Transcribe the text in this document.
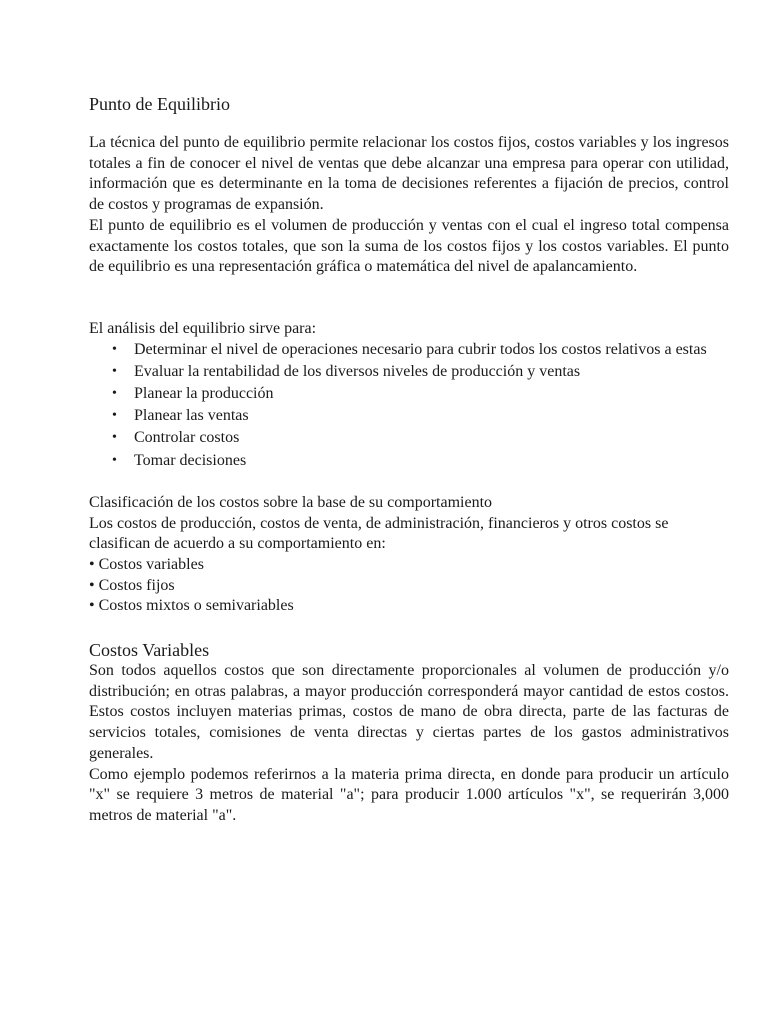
Punto de Equilibrio

La técnica del punto de equilibrio permite relacionar los costos fijos, costos variables y los ingresos totales a fin de conocer el nivel de ventas que debe alcanzar una empresa para operar con utilidad, información que es determinante en la toma de decisiones referentes a fijación de precios, control de costos y programas de expansión.

El punto de equilibrio es el volumen de producción y ventas con el cual el ingreso total compensa exactamente los costos totales, que son la suma de los costos fijos y los costos variables. El punto de equilibrio es una representación gráfica o matemática del nivel de apalancamiento.

El análisis del equilibrio sirve para:

• Determinar el nivel de operaciones necesario para cubrir todos los costos relativos a estas
• Evaluar la rentabilidad de los diversos niveles de producción y ventas
• Planear la producción
• Planear las ventas
• Controlar costos
• Tomar decisiones

Clasificación de los costos sobre la base de su comportamiento

Los costos de producción, costos de venta, de administración, financieros y otros costos se clasifican de acuerdo a su comportamiento en:

• Costos variables

• Costos fijos

• Costos mixtos o semivariables

Costos Variables

Son todos aquellos costos que son directamente proporcionales al volumen de producción y/o distribución; en otras palabras, a mayor producción corresponderá mayor cantidad de estos costos. Estos costos incluyen materias primas, costos de mano de obra directa, parte de las facturas de servicios totales, comisiones de venta directas y ciertas partes de los gastos administrativos generales.

Como ejemplo podemos referirnos a la materia prima directa, en donde para producir un artículo "x" se requiere 3 metros de material "a"; para producir 1.000 artículos "x", se requerirán 3,000 metros de material "a".
